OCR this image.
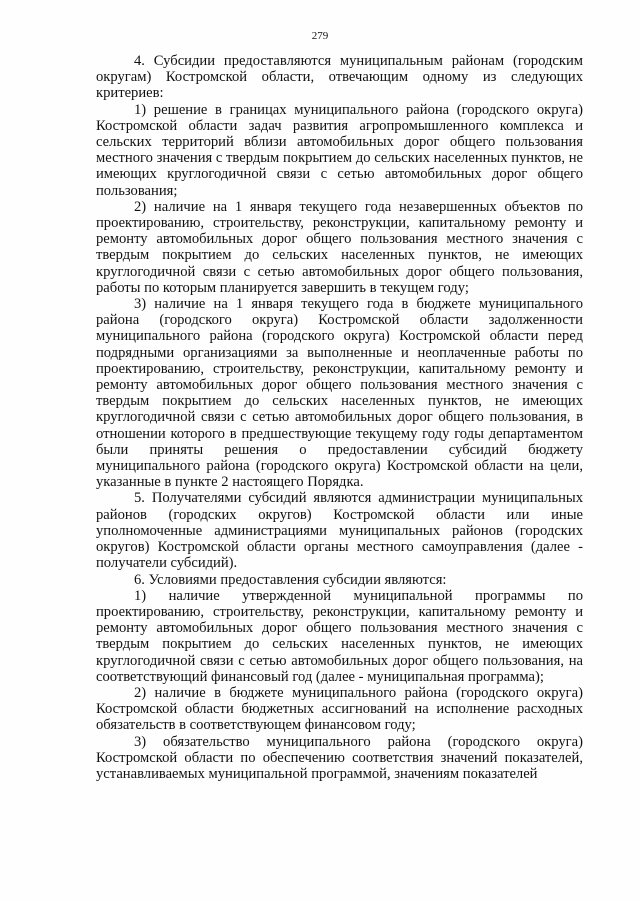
279

4. Субсидии предоставляются муниципальным районам (городским округам) Костромской области, отвечающим одному из следующих критериев:

1) решение в границах муниципального района (городского округа) Костромской области задач развития агропромышленного комплекса и сельских территорий вблизи автомобильных дорог общего пользования местного значения с твердым покрытием до сельских населенных пунктов, не имеющих круглогодичной связи с сетью автомобильных дорог общего пользования;

2) наличие на 1 января текущего года незавершенных объектов по проектированию, строительству, реконструкции, капитальному ремонту и ремонту автомобильных дорог общего пользования местного значения с твердым покрытием до сельских населенных пунктов, не имеющих круглогодичной связи с сетью автомобильных дорог общего пользования, работы по которым планируется завершить в текущем году;

3) наличие на 1 января текущего года в бюджете муниципального района (городского округа) Костромской области задолженности муниципального района (городского округа) Костромской области перед подрядными организациями за выполненные и неоплаченные работы по проектированию, строительству, реконструкции, капитальному ремонту и ремонту автомобильных дорог общего пользования местного значения с твердым покрытием до сельских населенных пунктов, не имеющих круглогодичной связи с сетью автомобильных дорог общего пользования, в отношении которого в предшествующие текущему году годы департаментом были приняты решения о предоставлении субсидий бюджету муниципального района (городского округа) Костромской области на цели, указанные в пункте 2 настоящего Порядка.

5. Получателями субсидий являются администрации муниципальных районов (городских округов) Костромской области или иные уполномоченные администрациями муниципальных районов (городских округов) Костромской области органы местного самоуправления (далее - получатели субсидий).

6. Условиями предоставления субсидии являются:

1) наличие утвержденной муниципальной программы по проектированию, строительству, реконструкции, капитальному ремонту и ремонту автомобильных дорог общего пользования местного значения с твердым покрытием до сельских населенных пунктов, не имеющих круглогодичной связи с сетью автомобильных дорог общего пользования, на соответствующий финансовый год (далее - муниципальная программа);

2) наличие в бюджете муниципального района (городского округа) Костромской области бюджетных ассигнований на исполнение расходных обязательств в соответствующем финансовом году;

3) обязательство муниципального района (городского округа) Костромской области по обеспечению соответствия значений показателей, устанавливаемых муниципальной программой, значениям показателей
